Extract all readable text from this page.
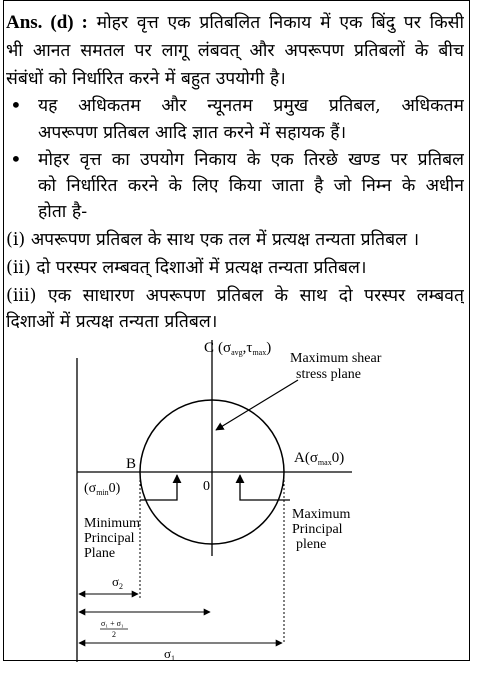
Ans. (d) : मोहर वृत्त एक प्रतिबलित निकाय में एक बिंदु पर किसी
भी आनत समतल पर लागू लंबवत् और अपरूपण प्रतिबलों के बीच
संबंधों को निर्धारित करने में बहुत उपयोगी है।
• यह अधिकतम और न्यूनतम प्रमुख प्रतिबल, अधिकतम
अपरूपण प्रतिबल आदि ज्ञात करने में सहायक हैं।
• मोहर वृत्त का उपयोग निकाय के एक तिरछे खण्ड पर प्रतिबल
को निर्धारित करने के लिए किया जाता है जो निम्न के अधीन
होता है-
(i) अपरूपण प्रतिबल के साथ एक तल में प्रत्यक्ष तन्यता प्रतिबल ।
(ii) दो परस्पर लम्बवत् दिशाओं में प्रत्यक्ष तन्यता प्रतिबल।
(iii) एक साधारण अपरूपण प्रतिबल के साथ दो परस्पर लम्बवत्
दिशाओं में प्रत्यक्ष तन्यता प्रतिबल।
C $(\sigma_{avg},\tau_{max})$
Maximum shear stress plane
$A(\sigma_{max}0)$
B
$(\sigma_{min}0)$	0
Minimum Principal Plane
Maximum Principal plene
$\sigma_2$
σ₁ + σ₁
2
$\sigma_1$
